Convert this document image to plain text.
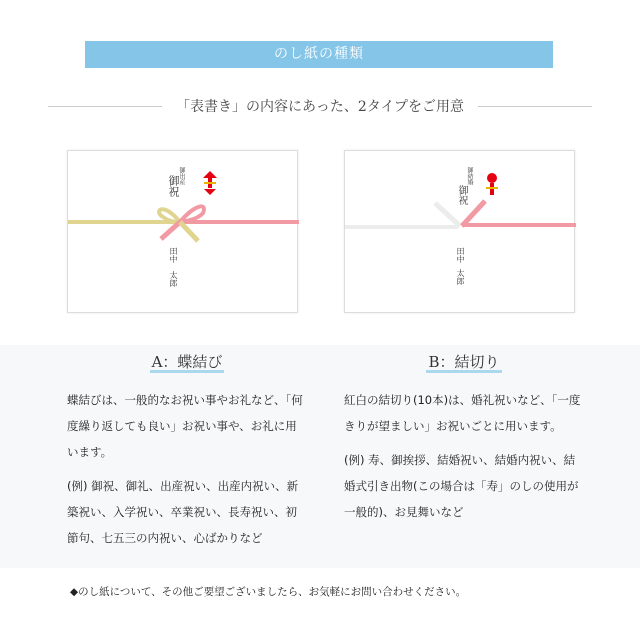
のし紙の種類
「表書き」の内容にあった、2タイプをご用意
御出産
御祝
田中
太郎
御結婚
御祝
田中
太郎
A：蝶結び

蝶結びは、一般的なお祝い事やお礼など、「何度繰り返しても良い」お祝い事や、お礼に用います。

(例) 御祝、御礼、出産祝い、出産内祝い、新築祝い、入学祝い、卒業祝い、長寿祝い、初節句、七五三の内祝い、心ばかりなど

B：結切り

紅白の結切り(10本)は、婚礼祝いなど、「一度きりが望ましい」お祝いごとに用います。

(例) 寿、御挨拶、結婚祝い、結婚内祝い、結婚式引き出物(この場合は「寿」のしの使用が一般的)、お見舞いなど

◆のし紙について、その他ご要望ございましたら、お気軽にお問い合わせください。
